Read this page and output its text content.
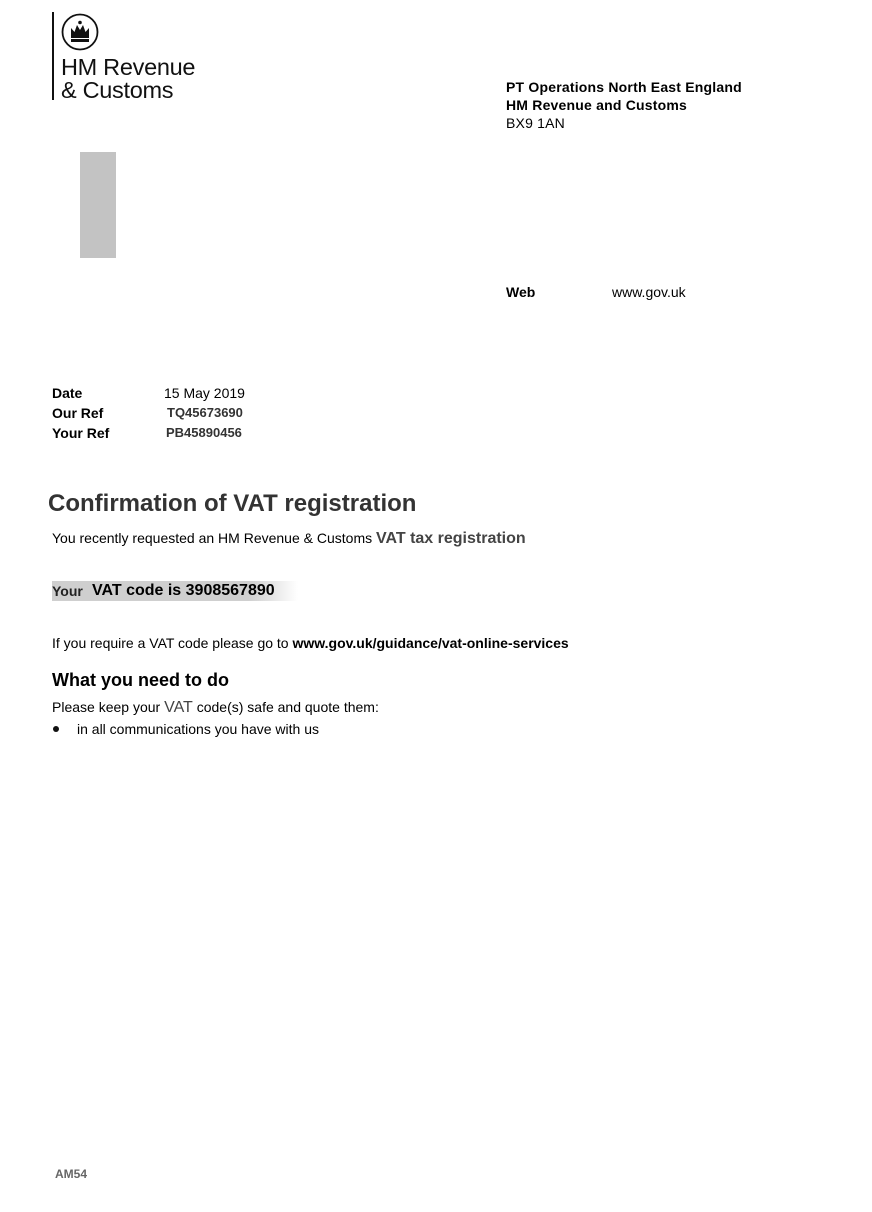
HM Revenue
& Customs	PT Operations North East England
HM Revenue and Customs
BX9 1AN
Web	www.gov.uk
Date	15 May 2019
Our Ref	TQ45673690
Your Ref	PB45890456
Confirmation of VAT registration
You recently requested an HM Revenue & Customs VAT tax registration
Your VAT code is 3908567890
If you require a VAT code please go to www.gov.uk/guidance/vat-online-services
What you need to do
Please keep your VAT code(s) safe and quote them:
in all communications you have with us
AM54
